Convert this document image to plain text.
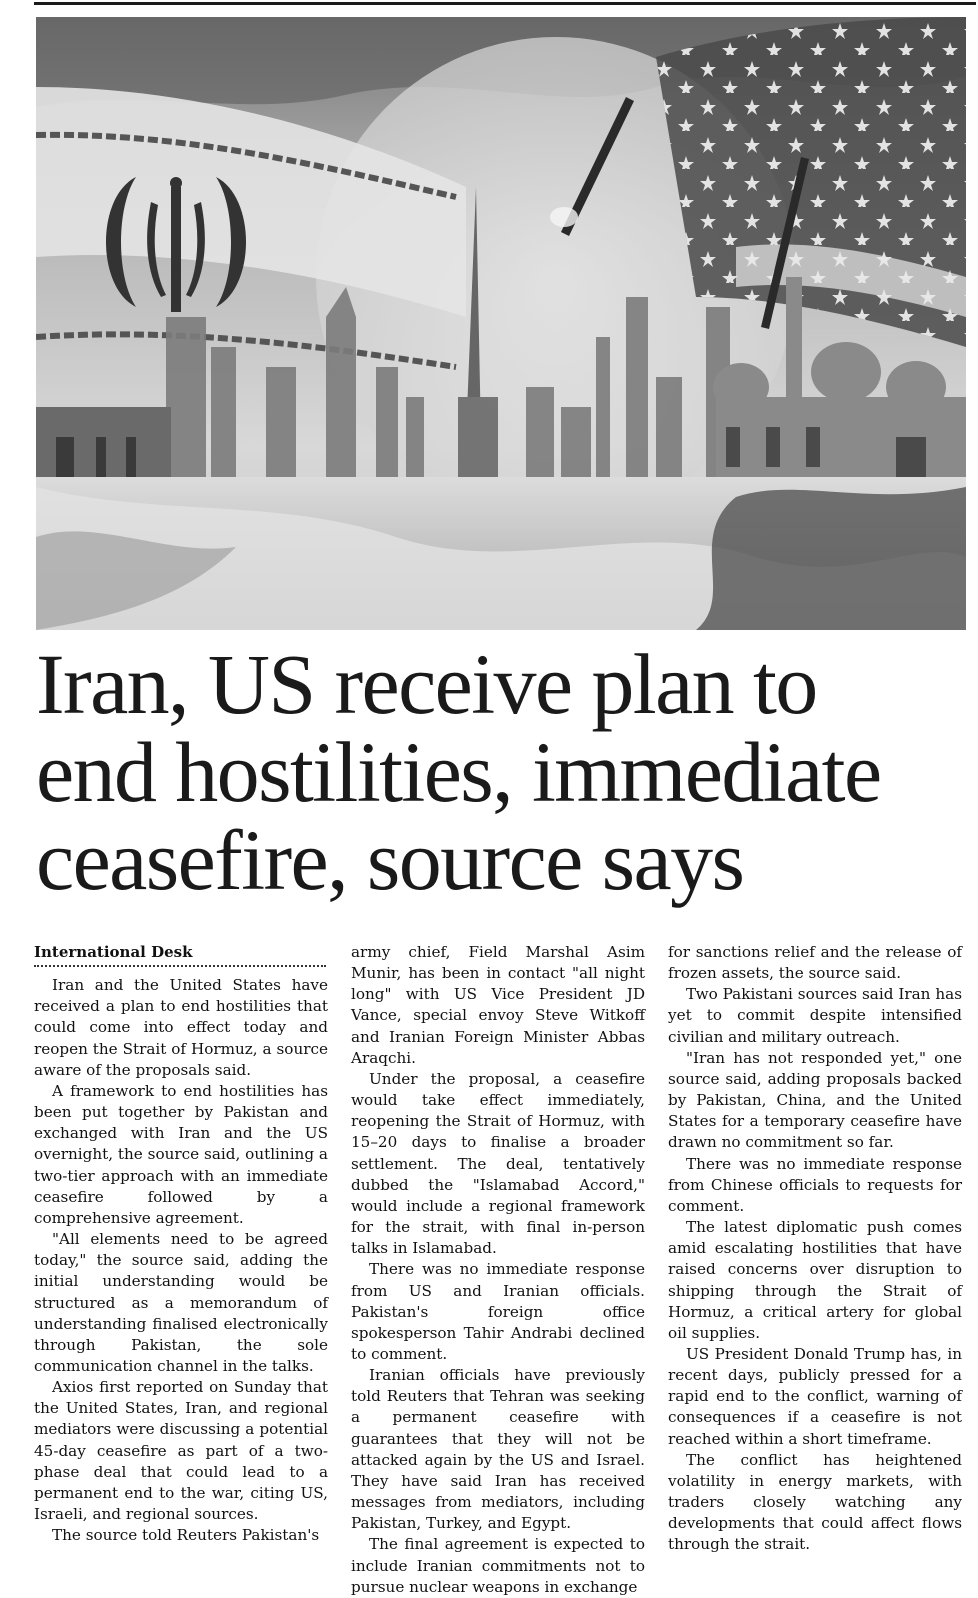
Iran, US receive plan to
end hostilities, immediate
ceasefire, source says
International Desk

Iran and the United States have received a plan to end hostilities that could come into effect today and reopen the Strait of Hormuz, a source aware of the proposals said.

A framework to end hostilities has been put together by Pakistan and exchanged with Iran and the US overnight, the source said, outlining a two-tier approach with an immediate ceasefire followed by a comprehensive agreement.

"All elements need to be agreed today," the source said, adding the initial understanding would be structured as a memorandum of understanding finalised electronically through Pakistan, the sole communication channel in the talks.

Axios first reported on Sunday that the United States, Iran, and regional mediators were discussing a potential 45-day ceasefire as part of a two-phase deal that could lead to a permanent end to the war, citing US, Israeli, and regional sources.

The source told Reuters Pakistan's

army chief, Field Marshal Asim Munir, has been in contact "all night long" with US Vice President JD Vance, special envoy Steve Witkoff and Iranian Foreign Minister Abbas Araqchi.

Under the proposal, a ceasefire would take effect immediately, reopening the Strait of Hormuz, with 15–20 days to finalise a broader settlement. The deal, tentatively dubbed the "Islamabad Accord," would include a regional framework for the strait, with final in-person talks in Islamabad.

There was no immediate response from US and Iranian officials. Pakistan's foreign office spokesperson Tahir Andrabi declined to comment.

Iranian officials have previously told Reuters that Tehran was seeking a permanent ceasefire with guarantees that they will not be attacked again by the US and Israel. They have said Iran has received messages from mediators, including Pakistan, Turkey, and Egypt.

The final agreement is expected to include Iranian commitments not to pursue nuclear weapons in exchange

for sanctions relief and the release of frozen assets, the source said.

Two Pakistani sources said Iran has yet to commit despite intensified civilian and military outreach.

"Iran has not responded yet," one source said, adding proposals backed by Pakistan, China, and the United States for a temporary ceasefire have drawn no commitment so far.

There was no immediate response from Chinese officials to requests for comment.

The latest diplomatic push comes amid escalating hostilities that have raised concerns over disruption to shipping through the Strait of Hormuz, a critical artery for global oil supplies.

US President Donald Trump has, in recent days, publicly pressed for a rapid end to the conflict, warning of consequences if a ceasefire is not reached within a short timeframe.

The conflict has heightened volatility in energy markets, with traders closely watching any developments that could affect flows through the strait.
